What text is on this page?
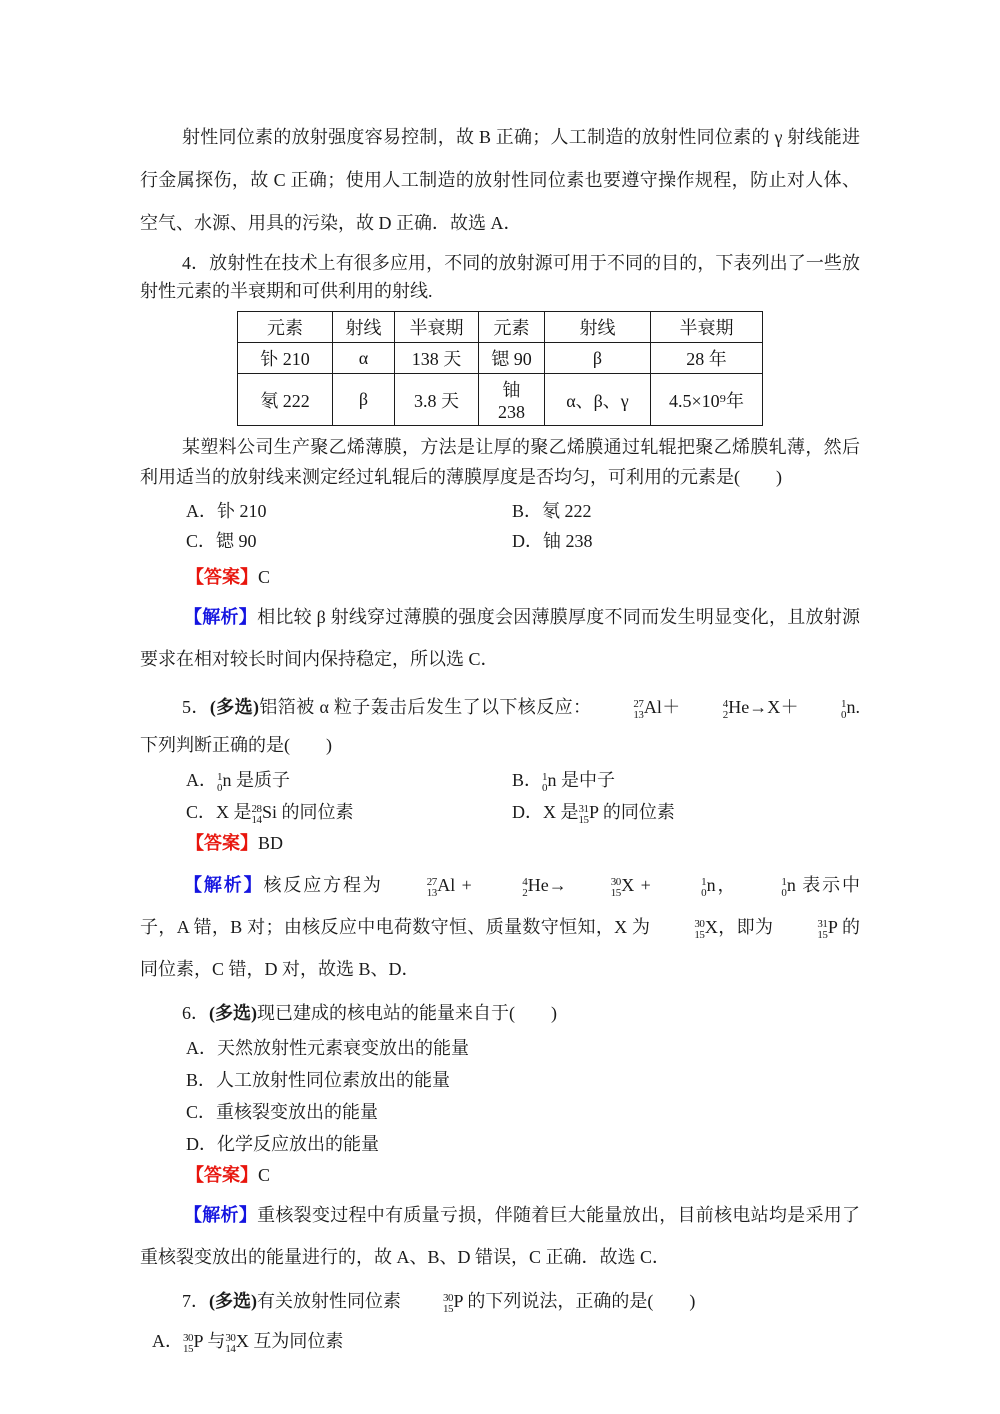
射性同位素的放射强度容易控制，故 B 正确；人工制造的放射性同位素的 γ 射线能进行金属探伤，故 C 正确；使用人工制造的放射性同位素也要遵守操作规程，防止对人体、空气、水源、用具的污染，故 D 正确．故选 A．
4．放射性在技术上有很多应用，不同的放射源可用于不同的目的，下表列出了一些放射性元素的半衰期和可供利用的射线.
元素	射线	半衰期	元素	射线	半衰期
钋 210	α	138 天	锶 90	β	28 年
氡 222	β	3.8 天	铀 238	α、β、γ	4.5×10⁹年
某塑料公司生产聚乙烯薄膜，方法是让厚的聚乙烯膜通过轧辊把聚乙烯膜轧薄，然后利用适当的放射线来测定经过轧辊后的薄膜厚度是否均匀，可利用的元素是(　　)
A．钋 210	B．氡 222
C．锶 90	D．铀 238
【答案】C
【解析】相比较 β 射线穿过薄膜的强度会因薄膜厚度不同而发生明显变化，且放射源要求在相对较长时间内保持稳定，所以选 C．
5．(多选)铝箔被 α 粒子轰击后发生了以下核反应：	27
13 Al＋	4
2 He→X＋	1
0 n.下列判断正确的是(　　)
A． 1
0 n 是质子	B． 1
0 n 是中子
C．X 是 28
14 Si 的同位素	D．X 是 31
15 P 的同位素
【答案】BD
【解析】核反应方程为	27
13 Al +	4
2 He→	30
15 X +	1
0 n，	1
0 n 表示中子，A 错，B 对；由核反应中电荷数守恒、质量数守恒知，X 为	30
15 X，即为	31
15 P 的同位素，C 错，D 对，故选 B、D．
6．(多选)现已建成的核电站的能量来自于(　　)
A．天然放射性元素衰变放出的能量
B．人工放射性同位素放出的能量
C．重核裂变放出的能量
D．化学反应放出的能量
【答案】C
【解析】重核裂变过程中有质量亏损，伴随着巨大能量放出，目前核电站均是采用了重核裂变放出的能量进行的，故 A、B、D 错误，C 正确．故选 C．
7．(多选)有关放射性同位素	30
15 P 的下列说法，正确的是(　　)
A． 30
15 P 与 30
14 X 互为同位素
